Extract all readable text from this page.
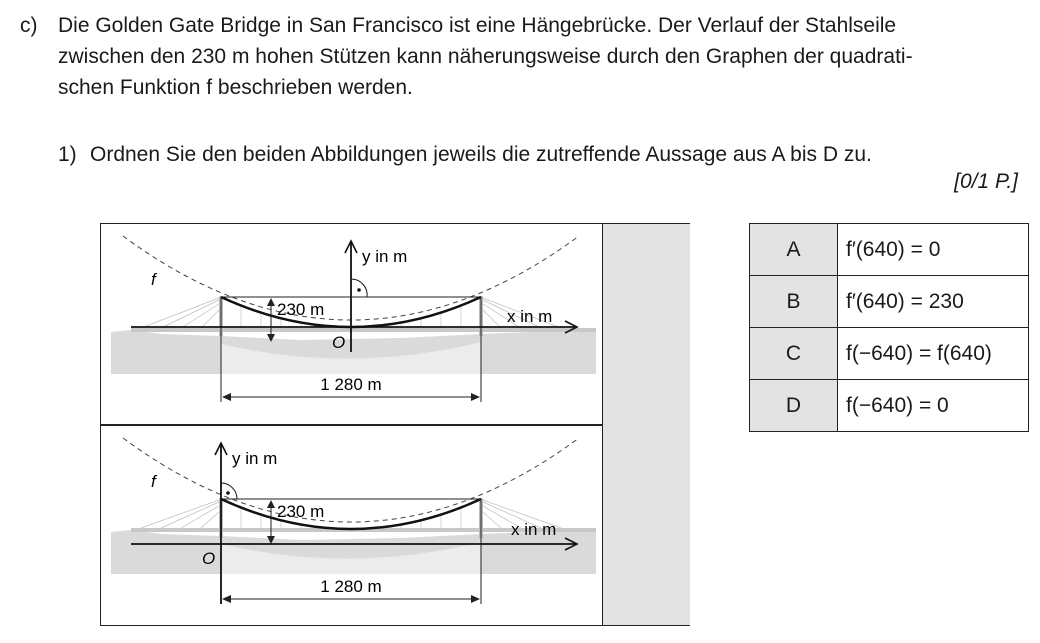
c) Die Golden Gate Bridge in San Francisco ist eine Hängebrücke. Der Verlauf der Stahlseile
zwischen den 230 m hohen Stützen kann näherungsweise durch den Graphen der quadrati-
schen Funktion f beschrieben werden.
1) Ordnen Sie den beiden Abbildungen jeweils die zutreffende Aussage aus A bis D zu.
[0/1 P.]
y in m
x in m
f
230 m
O
1 280 m
y in m
x in m
f
230 m
O
1 280 m
A	f′(640) = 0
B	f′(640) = 230
C	f(−640) = f(640)
D	f(−640) = 0
